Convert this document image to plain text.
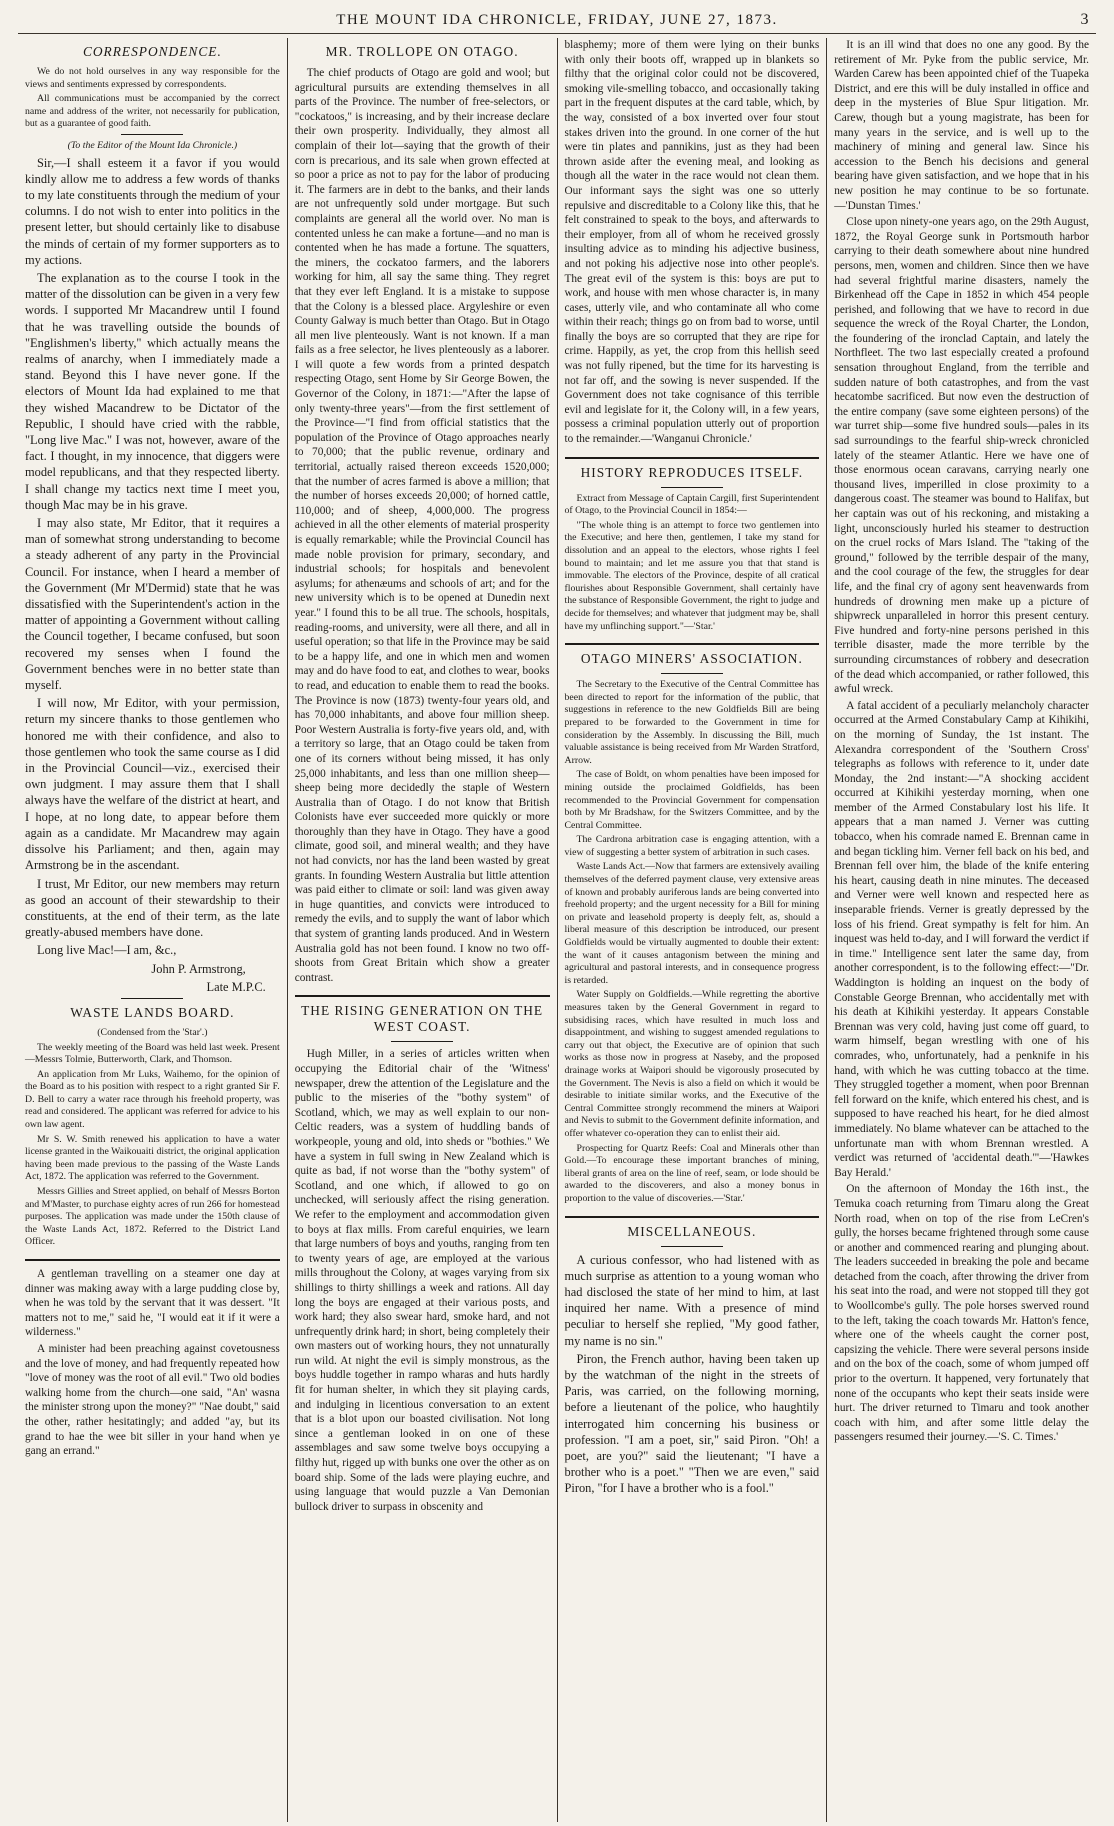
THE MOUNT IDA CHRONICLE, FRIDAY, JUNE 27, 1873.	3
CORRESPONDENCE.

We do not hold ourselves in any way responsible for the views and sentiments expressed by correspondents.

All communications must be accompanied by the correct name and address of the writer, not necessarily for publication, but as a guarantee of good faith.

(To the Editor of the Mount Ida Chronicle.)

Sir,—I shall esteem it a favor if you would kindly allow me to address a few words of thanks to my late constituents through the medium of your columns. I do not wish to enter into politics in the present letter, but should certainly like to disabuse the minds of certain of my former supporters as to my actions.

The explanation as to the course I took in the matter of the dissolution can be given in a very few words. I supported Mr Macandrew until I found that he was travelling outside the bounds of "Englishmen's liberty," which actually means the realms of anarchy, when I immediately made a stand. Beyond this I have never gone. If the electors of Mount Ida had explained to me that they wished Macandrew to be Dictator of the Republic, I should have cried with the rabble, "Long live Mac." I was not, however, aware of the fact. I thought, in my innocence, that diggers were model republicans, and that they respected liberty. I shall change my tactics next time I meet you, though Mac may be in his grave.

I may also state, Mr Editor, that it requires a man of somewhat strong understanding to become a steady adherent of any party in the Provincial Council. For instance, when I heard a member of the Government (Mr M'Dermid) state that he was dissatisfied with the Superintendent's action in the matter of appointing a Government without calling the Council together, I became confused, but soon recovered my senses when I found the Government benches were in no better state than myself.

I will now, Mr Editor, with your permission, return my sincere thanks to those gentlemen who honored me with their confidence, and also to those gentlemen who took the same course as I did in the Provincial Council—viz., exercised their own judgment. I may assure them that I shall always have the welfare of the district at heart, and I hope, at no long date, to appear before them again as a candidate. Mr Macandrew may again dissolve his Parliament; and then, again may Armstrong be in the ascendant.

I trust, Mr Editor, our new members may return as good an account of their stewardship to their constituents, at the end of their term, as the late greatly-abused members have done.

Long live Mac!—I am, &c.,

John P. Armstrong,

Late M.P.C.

WASTE LANDS BOARD.

(Condensed from the 'Star'.)

The weekly meeting of the Board was held last week. Present—Messrs Tolmie, Butterworth, Clark, and Thomson.

An application from Mr Luks, Waihemo, for the opinion of the Board as to his position with respect to a right granted Sir F. D. Bell to carry a water race through his freehold property, was read and considered. The applicant was referred for advice to his own law agent.

Mr S. W. Smith renewed his application to have a water license granted in the Waikouaiti district, the original application having been made previous to the passing of the Waste Lands Act, 1872. The application was referred to the Government.

Messrs Gillies and Street applied, on behalf of Messrs Borton and M'Master, to purchase eighty acres of run 266 for homestead purposes. The application was made under the 150th clause of the Waste Lands Act, 1872. Referred to the District Land Officer.

A gentleman travelling on a steamer one day at dinner was making away with a large pudding close by, when he was told by the servant that it was dessert. "It matters not to me," said he, "I would eat it if it were a wilderness."

A minister had been preaching against covetousness and the love of money, and had frequently repeated how "love of money was the root of all evil." Two old bodies walking home from the church—one said, "An' wasna the minister strong upon the money?" "Nae doubt," said the other, rather hesitatingly; and added "ay, but its grand to hae the wee bit siller in your hand when ye gang an errand."

MR. TROLLOPE ON OTAGO.

The chief products of Otago are gold and wool; but agricultural pursuits are extending themselves in all parts of the Province. The number of free-selectors, or "cockatoos," is increasing, and by their increase declare their own prosperity. Individually, they almost all complain of their lot—saying that the growth of their corn is precarious, and its sale when grown effected at so poor a price as not to pay for the labor of producing it. The farmers are in debt to the banks, and their lands are not unfrequently sold under mortgage. But such complaints are general all the world over. No man is contented unless he can make a fortune—and no man is contented when he has made a fortune. The squatters, the miners, the cockatoo farmers, and the laborers working for him, all say the same thing. They regret that they ever left England. It is a mistake to suppose that the Colony is a blessed place. Argyleshire or even County Galway is much better than Otago. But in Otago all men live plenteously. Want is not known. If a man fails as a free selector, he lives plenteously as a laborer. I will quote a few words from a printed despatch respecting Otago, sent Home by Sir George Bowen, the Governor of the Colony, in 1871:—"After the lapse of only twenty-three years"—from the first settlement of the Province—"I find from official statistics that the population of the Province of Otago approaches nearly to 70,000; that the public revenue, ordinary and territorial, actually raised thereon exceeds 1520,000; that the number of acres farmed is above a million; that the number of horses exceeds 20,000; of horned cattle, 110,000; and of sheep, 4,000,000. The progress achieved in all the other elements of material prosperity is equally remarkable; while the Provincial Council has made noble provision for primary, secondary, and industrial schools; for hospitals and benevolent asylums; for athenæums and schools of art; and for the new university which is to be opened at Dunedin next year." I found this to be all true. The schools, hospitals, reading-rooms, and university, were all there, and all in useful operation; so that life in the Province may be said to be a happy life, and one in which men and women may and do have food to eat, and clothes to wear, books to read, and education to enable them to read the books. The Province is now (1873) twenty-four years old, and has 70,000 inhabitants, and above four million sheep. Poor Western Australia is forty-five years old, and, with a territory so large, that an Otago could be taken from one of its corners without being missed, it has only 25,000 inhabitants, and less than one million sheep—sheep being more decidedly the staple of Western Australia than of Otago. I do not know that British Colonists have ever succeeded more quickly or more thoroughly than they have in Otago. They have a good climate, good soil, and mineral wealth; and they have not had convicts, nor has the land been wasted by great grants. In founding Western Australia but little attention was paid either to climate or soil: land was given away in huge quantities, and convicts were introduced to remedy the evils, and to supply the want of labor which that system of granting lands produced. And in Western Australia gold has not been found. I know no two off-shoots from Great Britain which show a greater contrast.

THE RISING GENERATION ON THE WEST COAST.

Hugh Miller, in a series of articles written when occupying the Editorial chair of the 'Witness' newspaper, drew the attention of the Legislature and the public to the miseries of the "bothy system" of Scotland, which, we may as well explain to our non-Celtic readers, was a system of huddling bands of workpeople, young and old, into sheds or "bothies." We have a system in full swing in New Zealand which is quite as bad, if not worse than the "bothy system" of Scotland, and one which, if allowed to go on unchecked, will seriously affect the rising generation. We refer to the employment and accommodation given to boys at flax mills. From careful enquiries, we learn that large numbers of boys and youths, ranging from ten to twenty years of age, are employed at the various mills throughout the Colony, at wages varying from six shillings to thirty shillings a week and rations. All day long the boys are engaged at their various posts, and work hard; they also swear hard, smoke hard, and not unfrequently drink hard; in short, being completely their own masters out of working hours, they not unnaturally run wild. At night the evil is simply monstrous, as the boys huddle together in rampo wharas and huts hardly fit for human shelter, in which they sit playing cards, and indulging in licentious conversation to an extent that is a blot upon our boasted civilisation. Not long since a gentleman looked in on one of these assemblages and saw some twelve boys occupying a filthy hut, rigged up with bunks one over the other as on board ship. Some of the lads were playing euchre, and using language that would puzzle a Van Demonian bullock driver to surpass in obscenity and

blasphemy; more of them were lying on their bunks with only their boots off, wrapped up in blankets so filthy that the original color could not be discovered, smoking vile-smelling tobacco, and occasionally taking part in the frequent disputes at the card table, which, by the way, consisted of a box inverted over four stout stakes driven into the ground. In one corner of the hut were tin plates and pannikins, just as they had been thrown aside after the evening meal, and looking as though all the water in the race would not clean them. Our informant says the sight was one so utterly repulsive and discreditable to a Colony like this, that he felt constrained to speak to the boys, and afterwards to their employer, from all of whom he received grossly insulting advice as to minding his adjective business, and not poking his adjective nose into other people's. The great evil of the system is this: boys are put to work, and house with men whose character is, in many cases, utterly vile, and who contaminate all who come within their reach; things go on from bad to worse, until finally the boys are so corrupted that they are ripe for crime. Happily, as yet, the crop from this hellish seed was not fully ripened, but the time for its harvesting is not far off, and the sowing is never suspended. If the Government does not take cognisance of this terrible evil and legislate for it, the Colony will, in a few years, possess a criminal population utterly out of proportion to the remainder.—'Wanganui Chronicle.'

HISTORY REPRODUCES ITSELF.

Extract from Message of Captain Cargill, first Superintendent of Otago, to the Provincial Council in 1854:—

"The whole thing is an attempt to force two gentlemen into the Executive; and here then, gentlemen, I take my stand for dissolution and an appeal to the electors, whose rights I feel bound to maintain; and let me assure you that that stand is immovable. The electors of the Province, despite of all cratical flourishes about Responsible Government, shall certainly have the substance of Responsible Government, the right to judge and decide for themselves; and whatever that judgment may be, shall have my unflinching support."—'Star.'

OTAGO MINERS' ASSOCIATION.

The Secretary to the Executive of the Central Committee has been directed to report for the information of the public, that suggestions in reference to the new Goldfields Bill are being prepared to be forwarded to the Government in time for consideration by the Assembly. In discussing the Bill, much valuable assistance is being received from Mr Warden Stratford, Arrow.

The case of Boldt, on whom penalties have been imposed for mining outside the proclaimed Goldfields, has been recommended to the Provincial Government for compensation both by Mr Bradshaw, for the Switzers Committee, and by the Central Committee.

The Cardrona arbitration case is engaging attention, with a view of suggesting a better system of arbitration in such cases.

Waste Lands Act.—Now that farmers are extensively availing themselves of the deferred payment clause, very extensive areas of known and probably auriferous lands are being converted into freehold property; and the urgent necessity for a Bill for mining on private and leasehold property is deeply felt, as, should a liberal measure of this description be introduced, our present Goldfields would be virtually augmented to double their extent: the want of it causes antagonism between the mining and agricultural and pastoral interests, and in consequence progress is retarded.

Water Supply on Goldfields.—While regretting the abortive measures taken by the General Government in regard to subsidising races, which have resulted in much loss and disappointment, and wishing to suggest amended regulations to carry out that object, the Executive are of opinion that such works as those now in progress at Naseby, and the proposed drainage works at Waipori should be vigorously prosecuted by the Government. The Nevis is also a field on which it would be desirable to initiate similar works, and the Executive of the Central Committee strongly recommend the miners at Waipori and Nevis to submit to the Government definite information, and offer whatever co-operation they can to enlist their aid.

Prospecting for Quartz Reefs: Coal and Minerals other than Gold.—To encourage these important branches of mining, liberal grants of area on the line of reef, seam, or lode should be awarded to the discoverers, and also a money bonus in proportion to the value of discoveries.—'Star.'

MISCELLANEOUS.

A curious confessor, who had listened with as much surprise as attention to a young woman who had disclosed the state of her mind to him, at last inquired her name. With a presence of mind peculiar to herself she replied, "My good father, my name is no sin."

Piron, the French author, having been taken up by the watchman of the night in the streets of Paris, was carried, on the following morning, before a lieutenant of the police, who haughtily interrogated him concerning his business or profession. "I am a poet, sir," said Piron. "Oh! a poet, are you?" said the lieutenant; "I have a brother who is a poet." "Then we are even," said Piron, "for I have a brother who is a fool."

It is an ill wind that does no one any good. By the retirement of Mr. Pyke from the public service, Mr. Warden Carew has been appointed chief of the Tuapeka District, and ere this will be duly installed in office and deep in the mysteries of Blue Spur litigation. Mr. Carew, though but a young magistrate, has been for many years in the service, and is well up to the machinery of mining and general law. Since his accession to the Bench his decisions and general bearing have given satisfaction, and we hope that in his new position he may continue to be so fortunate.—'Dunstan Times.'

Close upon ninety-one years ago, on the 29th August, 1872, the Royal George sunk in Portsmouth harbor carrying to their death somewhere about nine hundred persons, men, women and children. Since then we have had several frightful marine disasters, namely the Birkenhead off the Cape in 1852 in which 454 people perished, and following that we have to record in due sequence the wreck of the Royal Charter, the London, the foundering of the ironclad Captain, and lately the Northfleet. The two last especially created a profound sensation throughout England, from the terrible and sudden nature of both catastrophes, and from the vast hecatombe sacrificed. But now even the destruction of the entire company (save some eighteen persons) of the war turret ship—some five hundred souls—pales in its sad surroundings to the fearful ship-wreck chronicled lately of the steamer Atlantic. Here we have one of those enormous ocean caravans, carrying nearly one thousand lives, imperilled in close proximity to a dangerous coast. The steamer was bound to Halifax, but her captain was out of his reckoning, and mistaking a light, unconsciously hurled his steamer to destruction on the cruel rocks of Mars Island. The "taking of the ground," followed by the terrible despair of the many, and the cool courage of the few, the struggles for dear life, and the final cry of agony sent heavenwards from hundreds of drowning men make up a picture of shipwreck unparalleled in horror this present century. Five hundred and forty-nine persons perished in this terrible disaster, made the more terrible by the surrounding circumstances of robbery and desecration of the dead which accompanied, or rather followed, this awful wreck.

A fatal accident of a peculiarly melancholy character occurred at the Armed Constabulary Camp at Kihikihi, on the morning of Sunday, the 1st instant. The Alexandra correspondent of the 'Southern Cross' telegraphs as follows with reference to it, under date Monday, the 2nd instant:—"A shocking accident occurred at Kihikihi yesterday morning, when one member of the Armed Constabulary lost his life. It appears that a man named J. Verner was cutting tobacco, when his comrade named E. Brennan came in and began tickling him. Verner fell back on his bed, and Brennan fell over him, the blade of the knife entering his heart, causing death in nine minutes. The deceased and Verner were well known and respected here as inseparable friends. Verner is greatly depressed by the loss of his friend. Great sympathy is felt for him. An inquest was held to-day, and I will forward the verdict if in time." Intelligence sent later the same day, from another correspondent, is to the following effect:—"Dr. Waddington is holding an inquest on the body of Constable George Brennan, who accidentally met with his death at Kihikihi yesterday. It appears Constable Brennan was very cold, having just come off guard, to warm himself, began wrestling with one of his comrades, who, unfortunately, had a penknife in his hand, with which he was cutting tobacco at the time. They struggled together a moment, when poor Brennan fell forward on the knife, which entered his chest, and is supposed to have reached his heart, for he died almost immediately. No blame whatever can be attached to the unfortunate man with whom Brennan wrestled. A verdict was returned of 'accidental death.'"—'Hawkes Bay Herald.'

On the afternoon of Monday the 16th inst., the Temuka coach returning from Timaru along the Great North road, when on top of the rise from LeCren's gully, the horses became frightened through some cause or another and commenced rearing and plunging about. The leaders succeeded in breaking the pole and became detached from the coach, after throwing the driver from his seat into the road, and were not stopped till they got to Woollcombe's gully. The pole horses swerved round to the left, taking the coach towards Mr. Hatton's fence, where one of the wheels caught the corner post, capsizing the vehicle. There were several persons inside and on the box of the coach, some of whom jumped off prior to the overturn. It happened, very fortunately that none of the occupants who kept their seats inside were hurt. The driver returned to Timaru and took another coach with him, and after some little delay the passengers resumed their journey.—'S. C. Times.'
